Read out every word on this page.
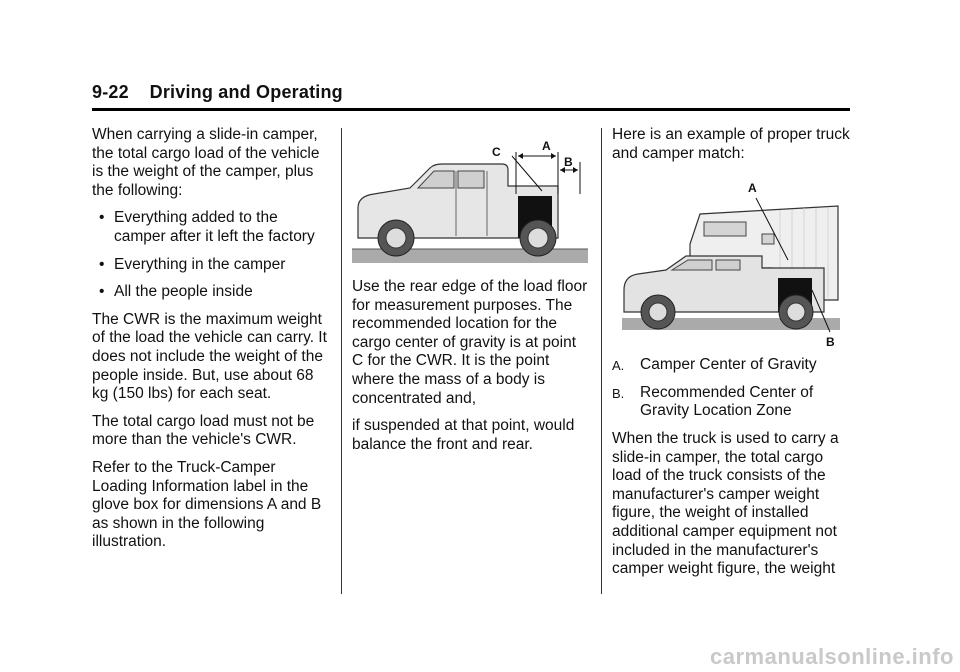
9-22 Driving and Operating

When carrying a slide-in camper, the total cargo load of the vehicle is the weight of the camper, plus the following:

• Everything added to the camper after it left the factory
• Everything in the camper
• All the people inside

The CWR is the maximum weight of the load the vehicle can carry. It does not include the weight of the people inside. But, use about 68 kg (150 lbs) for each seat.

The total cargo load must not be more than the vehicle's CWR.

Refer to the Truck-Camper Loading Information label in the glove box for dimensions A and B as shown in the following illustration.

C	A
B

Use the rear edge of the load floor for measurement purposes. The recommended location for the cargo center of gravity is at point C for the CWR. It is the point where the mass of a body is concentrated and,

if suspended at that point, would balance the front and rear.

Here is an example of proper truck and camper match:

A
B
A. Camper Center of Gravity
B. Recommended Center of Gravity Location Zone

When the truck is used to carry a slide-in camper, the total cargo load of the truck consists of the manufacturer's camper weight figure, the weight of installed additional camper equipment not included in the manufacturer's camper weight figure, the weight

carmanualsonline.info
